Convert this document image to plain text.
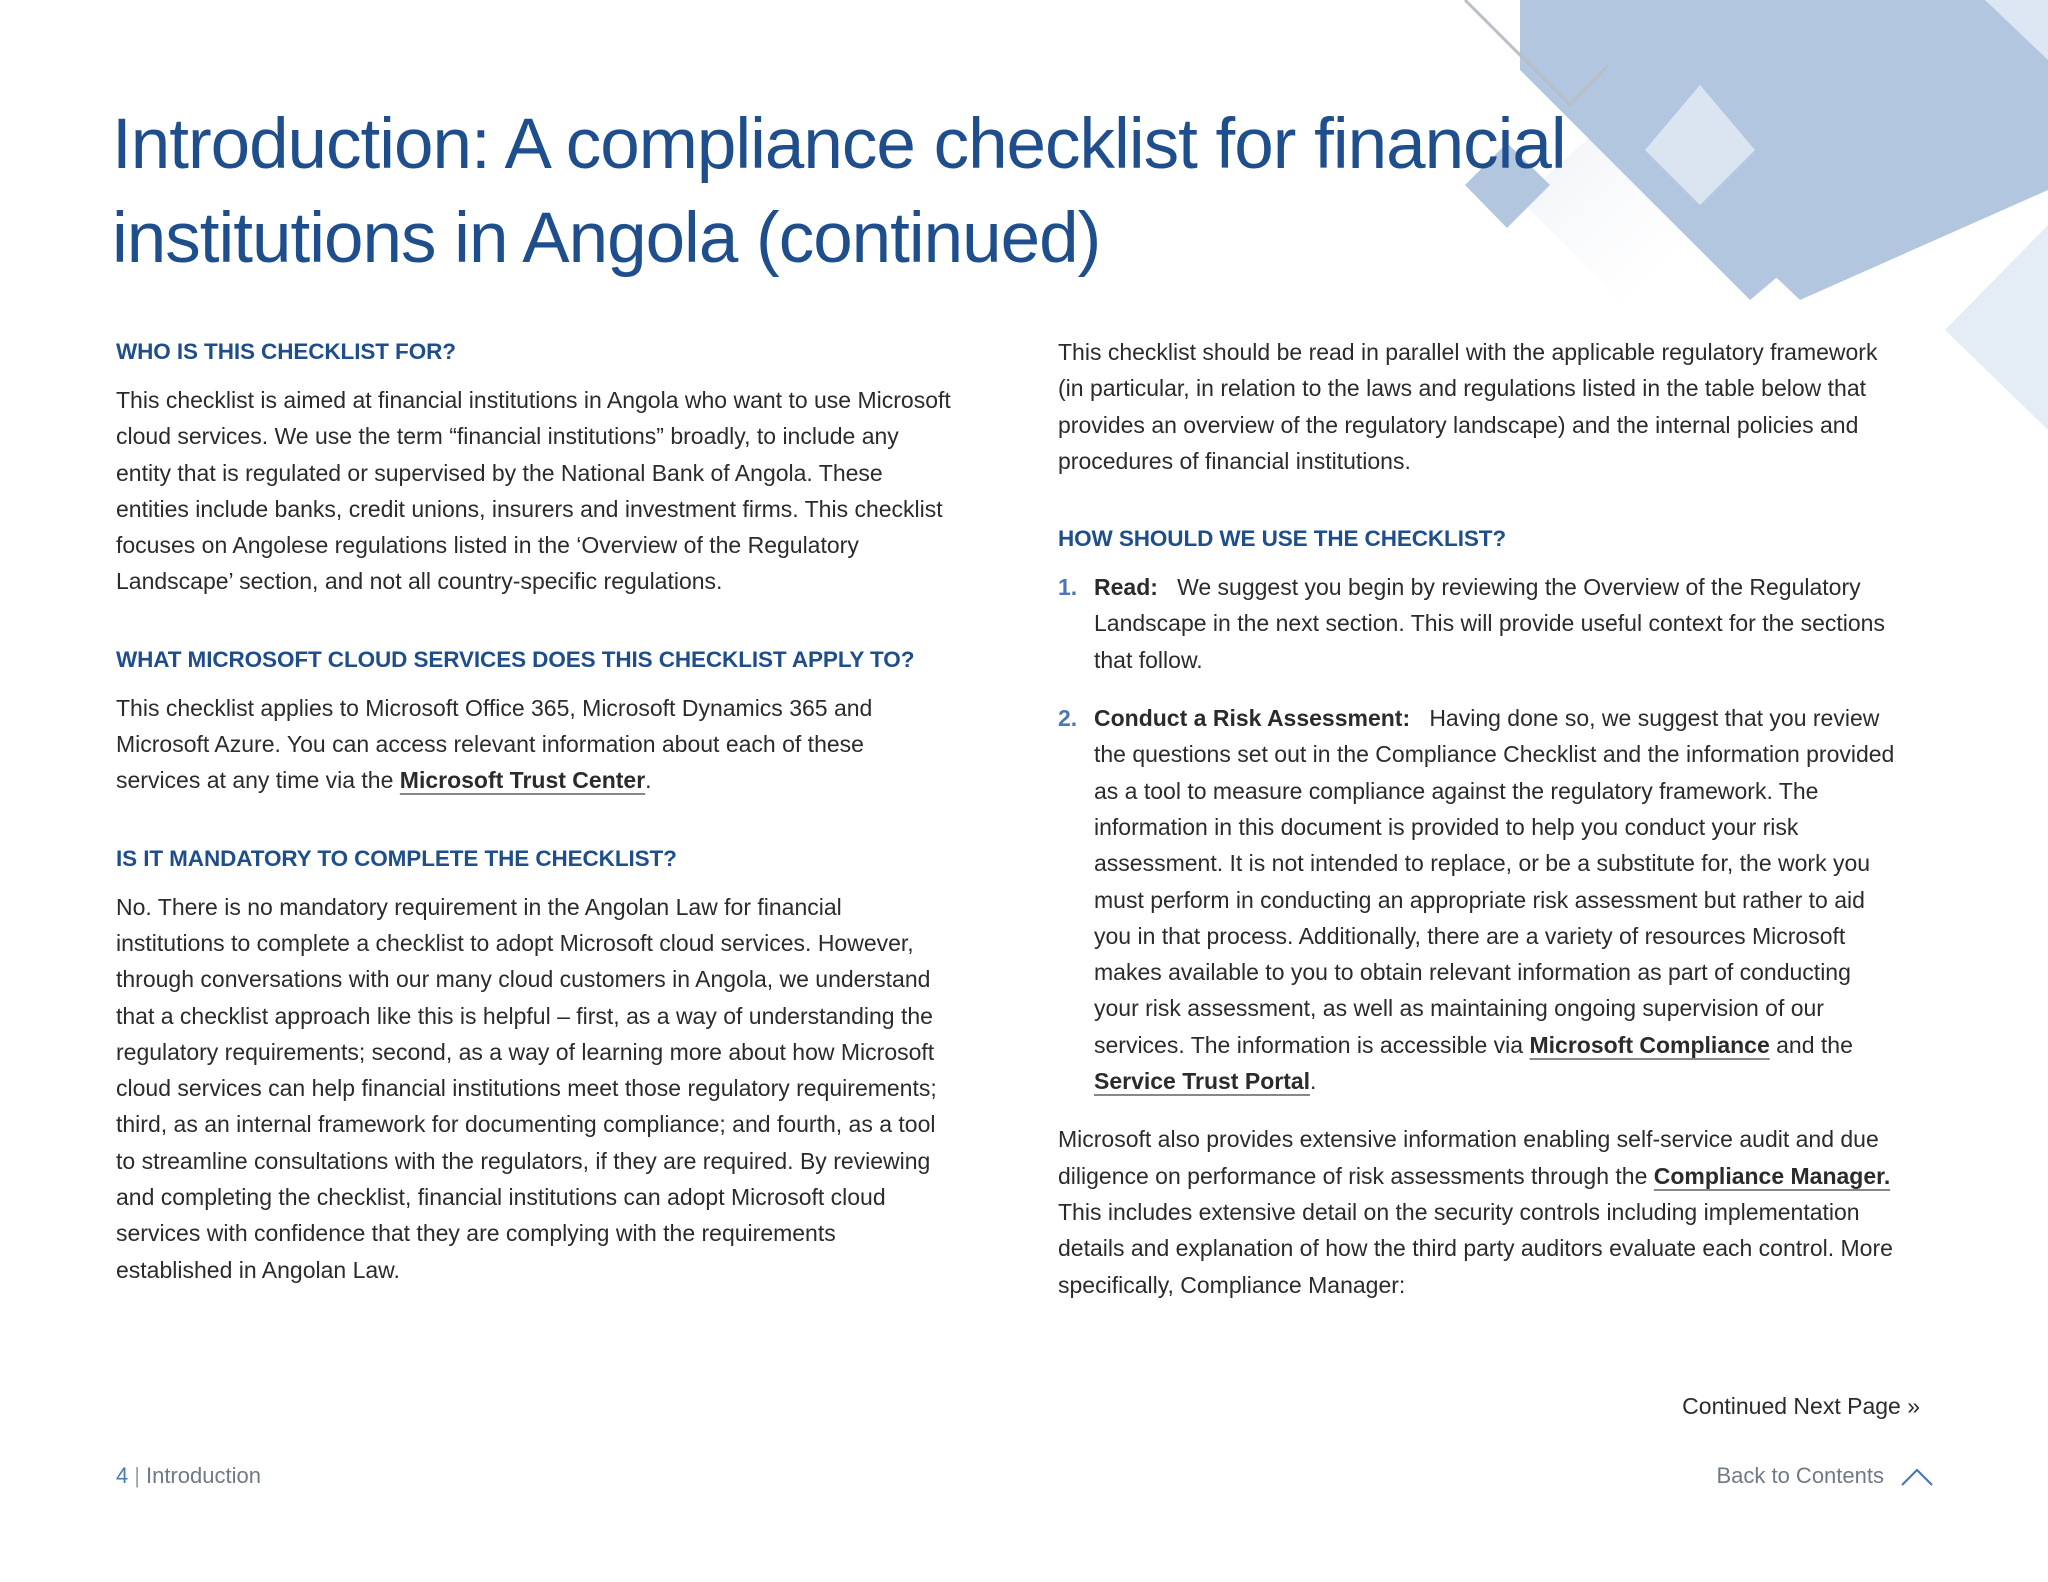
Introduction: A compliance checklist for financial institutions in Angola (continued)
WHO IS THIS CHECKLIST FOR?

This checklist is aimed at financial institutions in Angola who want to use Microsoft cloud services. We use the term “financial institutions” broadly, to include any entity that is regulated or supervised by the National Bank of Angola. These entities include banks, credit unions, insurers and investment firms. This checklist focuses on Angolese regulations listed in the ‘Overview of the Regulatory Landscape’ section, and not all country-specific regulations.

WHAT MICROSOFT CLOUD SERVICES DOES THIS CHECKLIST APPLY TO?

This checklist applies to Microsoft Office 365, Microsoft Dynamics 365 and Microsoft Azure. You can access relevant information about each of these services at any time via the Microsoft Trust Center.

IS IT MANDATORY TO COMPLETE THE CHECKLIST?

No. There is no mandatory requirement in the Angolan Law for financial institutions to complete a checklist to adopt Microsoft cloud services. However, through conversations with our many cloud customers in Angola, we understand that a checklist approach like this is helpful – first, as a way of understanding the regulatory requirements; second, as a way of learning more about how Microsoft cloud services can help financial institutions meet those regulatory requirements; third, as an internal framework for documenting compliance; and fourth, as a tool to streamline consultations with the regulators, if they are required. By reviewing and completing the checklist, financial institutions can adopt Microsoft cloud services with confidence that they are complying with the requirements established in Angolan Law.

This checklist should be read in parallel with the applicable regulatory framework (in particular, in relation to the laws and regulations listed in the table below that provides an overview of the regulatory landscape) and the internal policies and procedures of financial institutions.

HOW SHOULD WE USE THE CHECKLIST?
1. Read: We suggest you begin by reviewing the Overview of the Regulatory Landscape in the next section. This will provide useful context for the sections that follow.
2. Conduct a Risk Assessment: Having done so, we suggest that you review the questions set out in the Compliance Checklist and the information provided as a tool to measure compliance against the regulatory framework. The information in this document is provided to help you conduct your risk assessment. It is not intended to replace, or be a substitute for, the work you must perform in conducting an appropriate risk assessment but rather to aid you in that process. Additionally, there are a variety of resources Microsoft makes available to you to obtain relevant information as part of conducting your risk assessment, as well as maintaining ongoing supervision of our services. The information is accessible via Microsoft Compliance and the Service Trust Portal.

Microsoft also provides extensive information enabling self-service audit and due diligence on performance of risk assessments through the Compliance Manager. This includes extensive detail on the security controls including implementation details and explanation of how the third party auditors evaluate each control. More specifically, Compliance Manager:

Continued Next Page »
4 | Introduction	Back to Contents
